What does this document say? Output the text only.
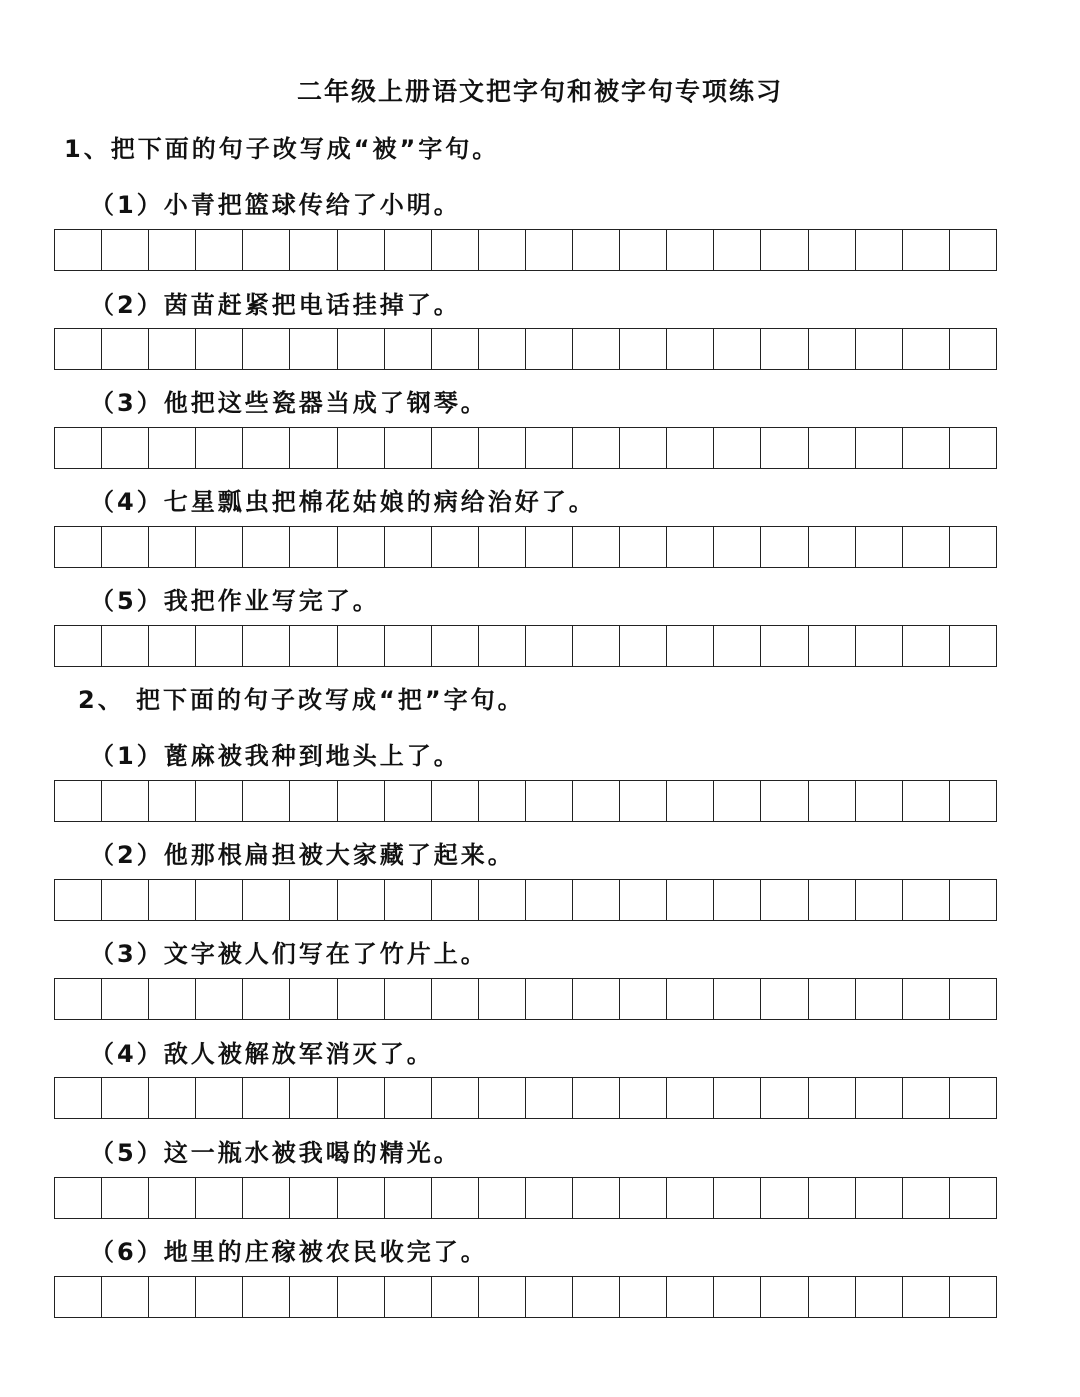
二年级上册语文把字句和被字句专项练习
1、把下面的句子改写成“被”字句。
（1）小青把篮球传给了小明。
（2）茵苗赶紧把电话挂掉了。
（3）他把这些瓷器当成了钢琴。
（4）七星瓢虫把棉花姑娘的病给治好了。
（5）我把作业写完了。
2、 把下面的句子改写成“把”字句。
（1）蓖麻被我种到地头上了。
（2）他那根扁担被大家藏了起来。
（3）文字被人们写在了竹片上。
（4）敌人被解放军消灭了。
（5）这一瓶水被我喝的精光。
（6）地里的庄稼被农民收完了。
